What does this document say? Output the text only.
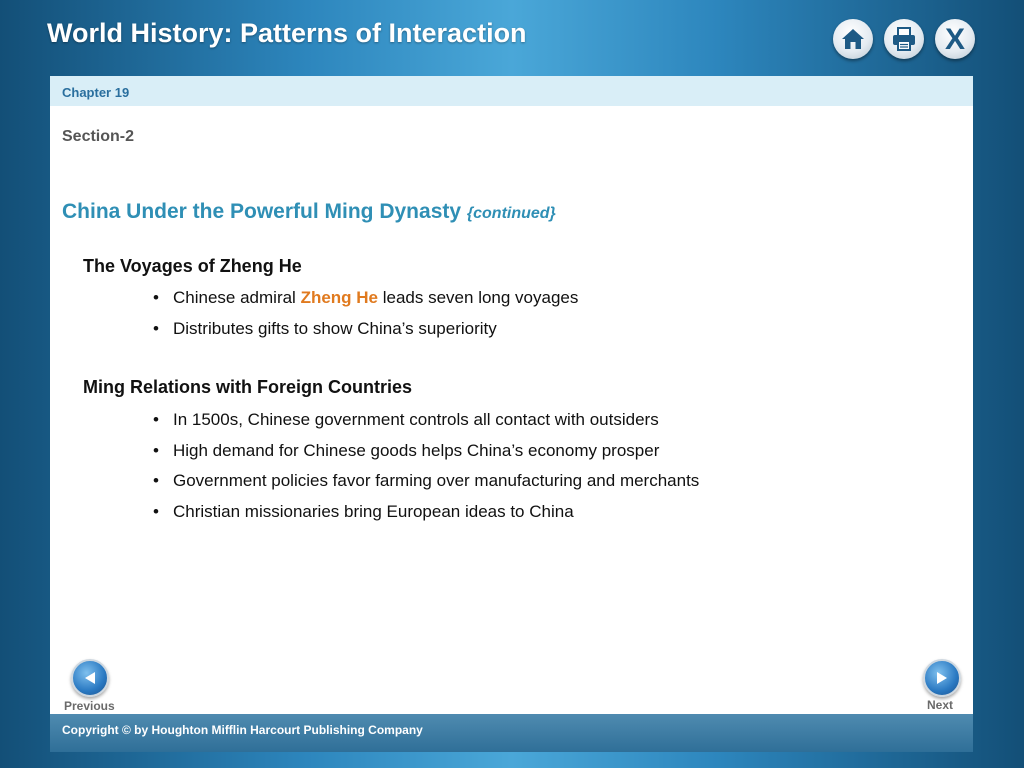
World History: Patterns of Interaction	X
Chapter 19
Section-2
China Under the Powerful Ming Dynasty {continued}
The Voyages of Zheng He
• Chinese admiral Zheng He leads seven long voyages
• Distributes gifts to show China’s superiority
Ming Relations with Foreign Countries
• In 1500s, Chinese government controls all contact with outsiders
• High demand for Chinese goods helps China’s economy prosper
• Government policies favor farming over manufacturing and merchants
• Christian missionaries bring European ideas to China
Previous	Next
Copyright © by Houghton Mifflin Harcourt Publishing Company
